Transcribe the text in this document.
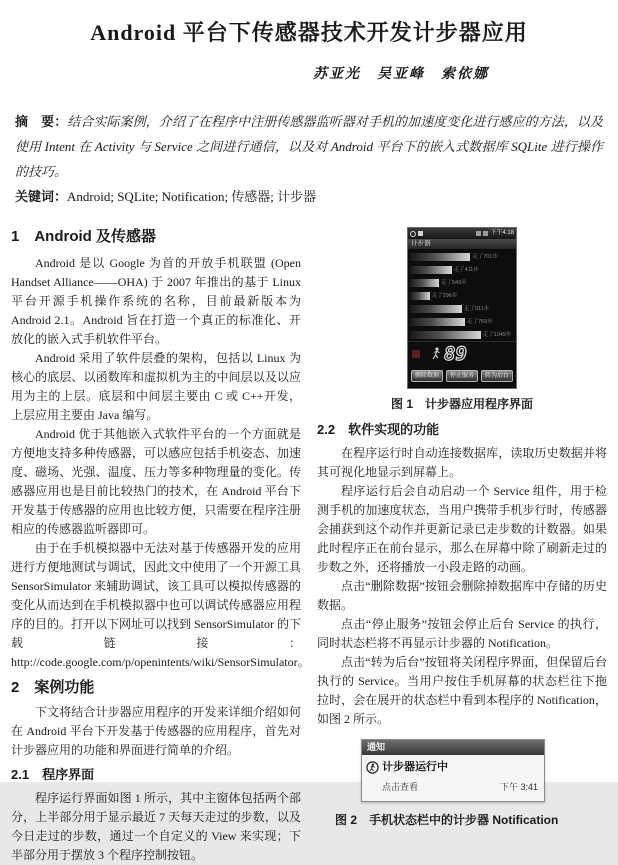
Android 平台下传感器技术开发计步器应用
苏亚光　吴亚峰　索依娜
摘　要：结合实际案例，介绍了在程序中注册传感器监听器对手机的加速度变化进行感应的方法，以及使用 Intent 在 Activity 与 Service 之间进行通信，以及对 Android 平台下的嵌入式数据库 SQLite 进行操作的技巧。
关键词：Android; SQLite; Notification; 传感器; 计步器
1　Android 及传感器

Android 是以 Google 为首的开放手机联盟 (Open Handset Alliance——OHA) 于 2007 年推出的基于 Linux 平台开源手机操作系统的名称，目前最新版本为 Android 2.1。Android 旨在打造一个真正的标准化、开放化的嵌入式手机软件平台。

Android 采用了软件层叠的架构，包括以 Linux 为核心的底层、以函数库和虚拟机为主的中间层以及以应用为主的上层。底层和中间层主要由 C 或 C++开发，上层应用主要由 Java 编写。

Android 优于其他嵌入式软件平台的一个方面就是方便地支持多种传感器，可以感应包括手机姿态、加速度、磁场、光强、温度、压力等多种物理量的变化。传感器应用也是目前比较热门的技术，在 Android 平台下开发基于传感器的应用也比较方便，只需要在程序注册相应的传感器监听器即可。

由于在手机模拟器中无法对基于传感器开发的应用进行方便地测试与调试，因此文中使用了一个开源工具 SensorSimulator 来辅助调试，该工具可以模拟传感器的变化从而达到在手机模拟器中也可以调试传感器应用程序的目的。打开以下网址可以找到 SensorSimulator 的下载链接：http://code.google.com/p/openintents/wiki/SensorSimulator。

2　案例功能

下文将结合计步器应用程序的开发来详细介绍如何在 Android 平台下开发基于传感器的应用程序，首先对计步器应用的功能和界面进行简单的介绍。

2.1　程序界面

程序运行界面如图 1 所示，其中主窗体包括两个部分，上半部分用于显示最近 7 天每天走过的步数，以及今日走过的步数，通过一个自定义的 View 来实现；下半部分用于摆放 3 个程序控制按钮。

下午4:18
计步器
走了701步
走了411步
走了549步
走了296步
走了911步
走了769步
走了1049步
89
删除数据	停止服务	转为后台
图 1　计步器应用程序界面
2.2　软件实现的功能

在程序运行时自动连接数据库，读取历史数据并将其可视化地显示到屏幕上。

程序运行后会自动启动一个 Service 组件，用于检测手机的加速度状态，当用户携带手机步行时，传感器会捕获到这个动作并更新记录已走步数的计数器。如果此时程序正在前台显示，那么在屏幕中除了刷新走过的步数之外，还将播放一小段走路的动画。

点击“删除数据”按钮会删除掉数据库中存储的历史数据。

点击“停止服务”按钮会停止后台 Service 的执行，同时状态栏将不再显示计步器的 Notification。

点击“转为后台”按钮将关闭程序界面，但保留后台执行的 Service。当用户按住手机屏幕的状态栏往下拖拉时，会在展开的状态栏中看到本程序的 Notification，如图 2 所示。

通知
计步器运行中
点击查看	下午 3:41
图 2　手机状态栏中的计步器 Notification
